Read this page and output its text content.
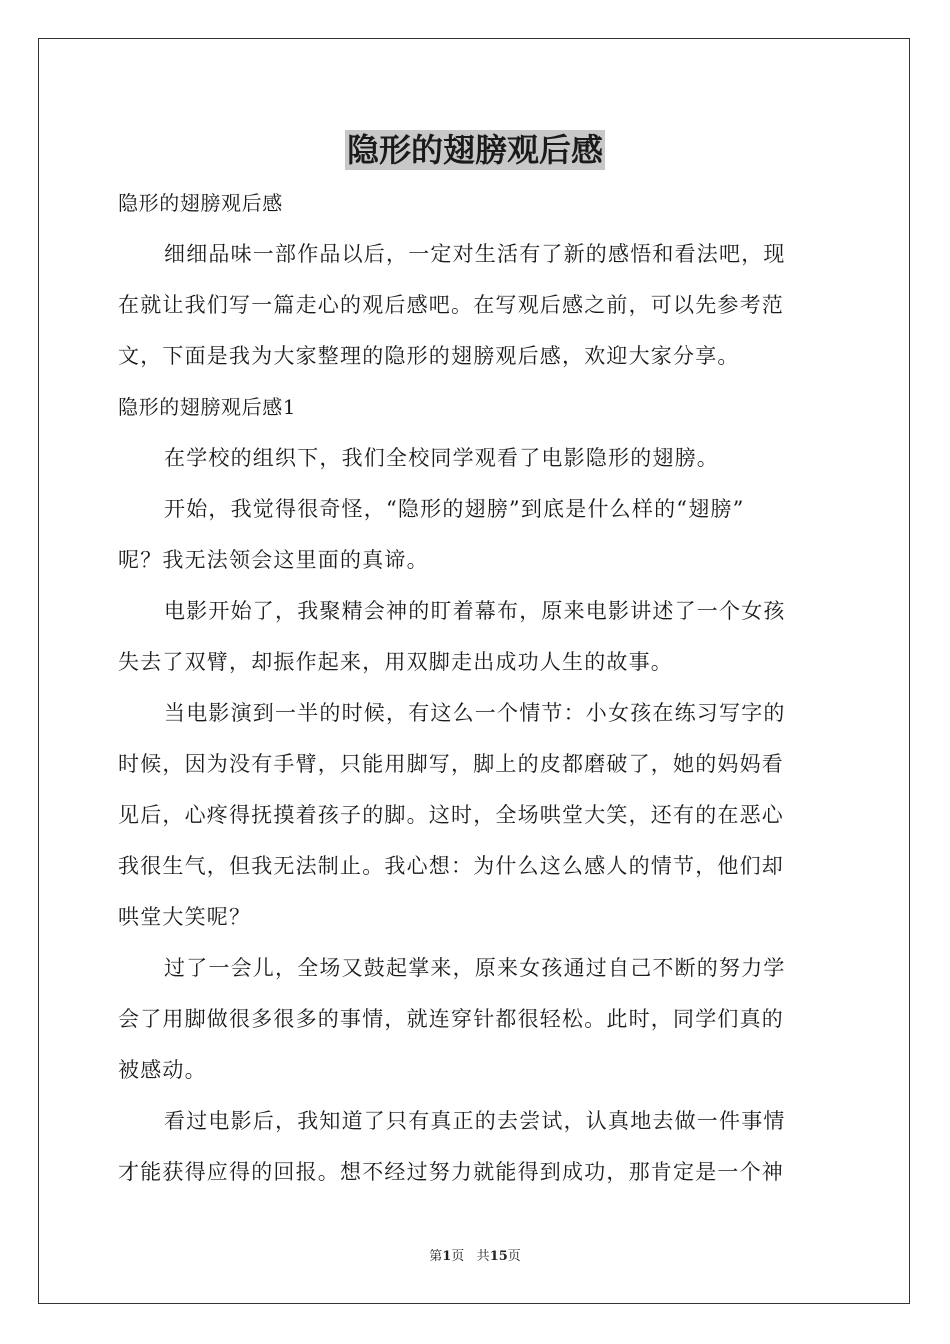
隐形的翅膀观后感
隐形的翅膀观后感
细细品味一部作品以后，一定对生活有了新的感悟和看法吧，现
在就让我们写一篇走心的观后感吧。在写观后感之前，可以先参考范
文，下面是我为大家整理的隐形的翅膀观后感，欢迎大家分享。
隐形的翅膀观后感1
在学校的组织下，我们全校同学观看了电影隐形的翅膀。
开始，我觉得很奇怪，“隐形的翅膀”到底是什么样的“翅膀”
呢？我无法领会这里面的真谛。
电影开始了，我聚精会神的盯着幕布，原来电影讲述了一个女孩
失去了双臂，却振作起来，用双脚走出成功人生的故事。
当电影演到一半的时候，有这么一个情节：小女孩在练习写字的
时候，因为没有手臂，只能用脚写，脚上的皮都磨破了，她的妈妈看
见后，心疼得抚摸着孩子的脚。这时，全场哄堂大笑，还有的在恶心
我很生气，但我无法制止。我心想：为什么这么感人的情节，他们却
哄堂大笑呢？
过了一会儿，全场又鼓起掌来，原来女孩通过自己不断的努力学
会了用脚做很多很多的事情，就连穿针都很轻松。此时，同学们真的
被感动。
看过电影后，我知道了只有真正的去尝试，认真地去做一件事情
才能获得应得的回报。想不经过努力就能得到成功，那肯定是一个神
第1页 共15页
